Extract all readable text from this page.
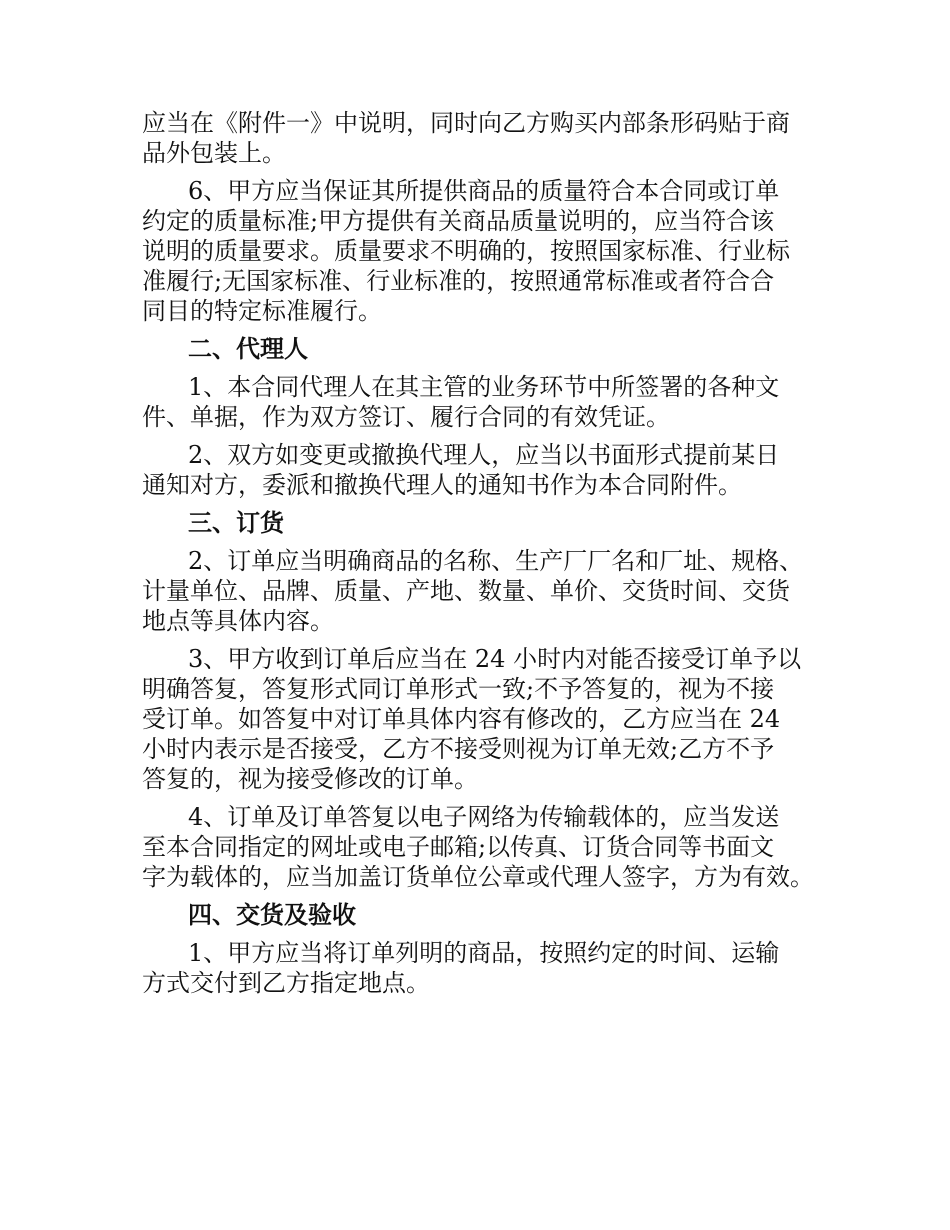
应当在《附件一》中说明，同时向乙方购买内部条形码贴于商
品外包装上。
6、甲方应当保证其所提供商品的质量符合本合同或订单
约定的质量标准;甲方提供有关商品质量说明的，应当符合该
说明的质量要求。质量要求不明确的，按照国家标准、行业标
准履行;无国家标准、行业标准的，按照通常标准或者符合合
同目的特定标准履行。
二、代理人
1、本合同代理人在其主管的业务环节中所签署的各种文
件、单据，作为双方签订、履行合同的有效凭证。
2、双方如变更或撤换代理人，应当以书面形式提前某日
通知对方，委派和撤换代理人的通知书作为本合同附件。
三、订货
2、订单应当明确商品的名称、生产厂厂名和厂址、规格、
计量单位、品牌、质量、产地、数量、单价、交货时间、交货
地点等具体内容。
3、甲方收到订单后应当在 24 小时内对能否接受订单予以
明确答复，答复形式同订单形式一致;不予答复的，视为不接
受订单。如答复中对订单具体内容有修改的，乙方应当在 24
小时内表示是否接受，乙方不接受则视为订单无效;乙方不予
答复的，视为接受修改的订单。
4、订单及订单答复以电子网络为传输载体的，应当发送
至本合同指定的网址或电子邮箱;以传真、订货合同等书面文
字为载体的，应当加盖订货单位公章或代理人签字，方为有效。
四、交货及验收
1、甲方应当将订单列明的商品，按照约定的时间、运输
方式交付到乙方指定地点。
